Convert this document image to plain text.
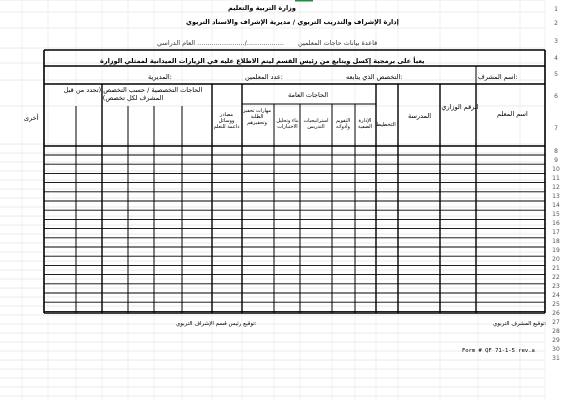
1
2
3
4
5
6
7
8
9
10
11
12
13
14
15
16
17
18
19
20
21
22
23
24
25
26
27
28
29
30
31
وزارة التربية والتعليم
إدارة الإشراف والتدريب التربوي / مديرية الإشراف والاسناد التربوي
قاعدة بيانات حاجات المعلمين
العام الدراسي ......................./..................
يعبأ على برمجية إكسل ويتابع من رئيس القسم ليتم الاطلاع عليه في الزيارات الميدانية لممثلي الوزارة
اسم المشرف:
التخصص الذي يتابعه:
عدد المعلمين:
المديرية:
اسم المعلم
الرقم الوزاري
المدرسة
الحاجات العامة
التخطيط
الإدارة الصفية
التقويم وأدواته
استراتيجيات التدريس
بناء وتحليل الاختبارات
مهارات تحفيز الطلبة وتحفيزهم
مصادر ووسائل داعمة للتعلم
الحاجات التخصصية / حسب التخصص (تحدد من قبل المشرف لكل تخصص)
أخرى
توقيع المشرف التربوي:
توقيع رئيس قسم الإشراف التربوي:
Form # QF 71-1-5 rev.a
